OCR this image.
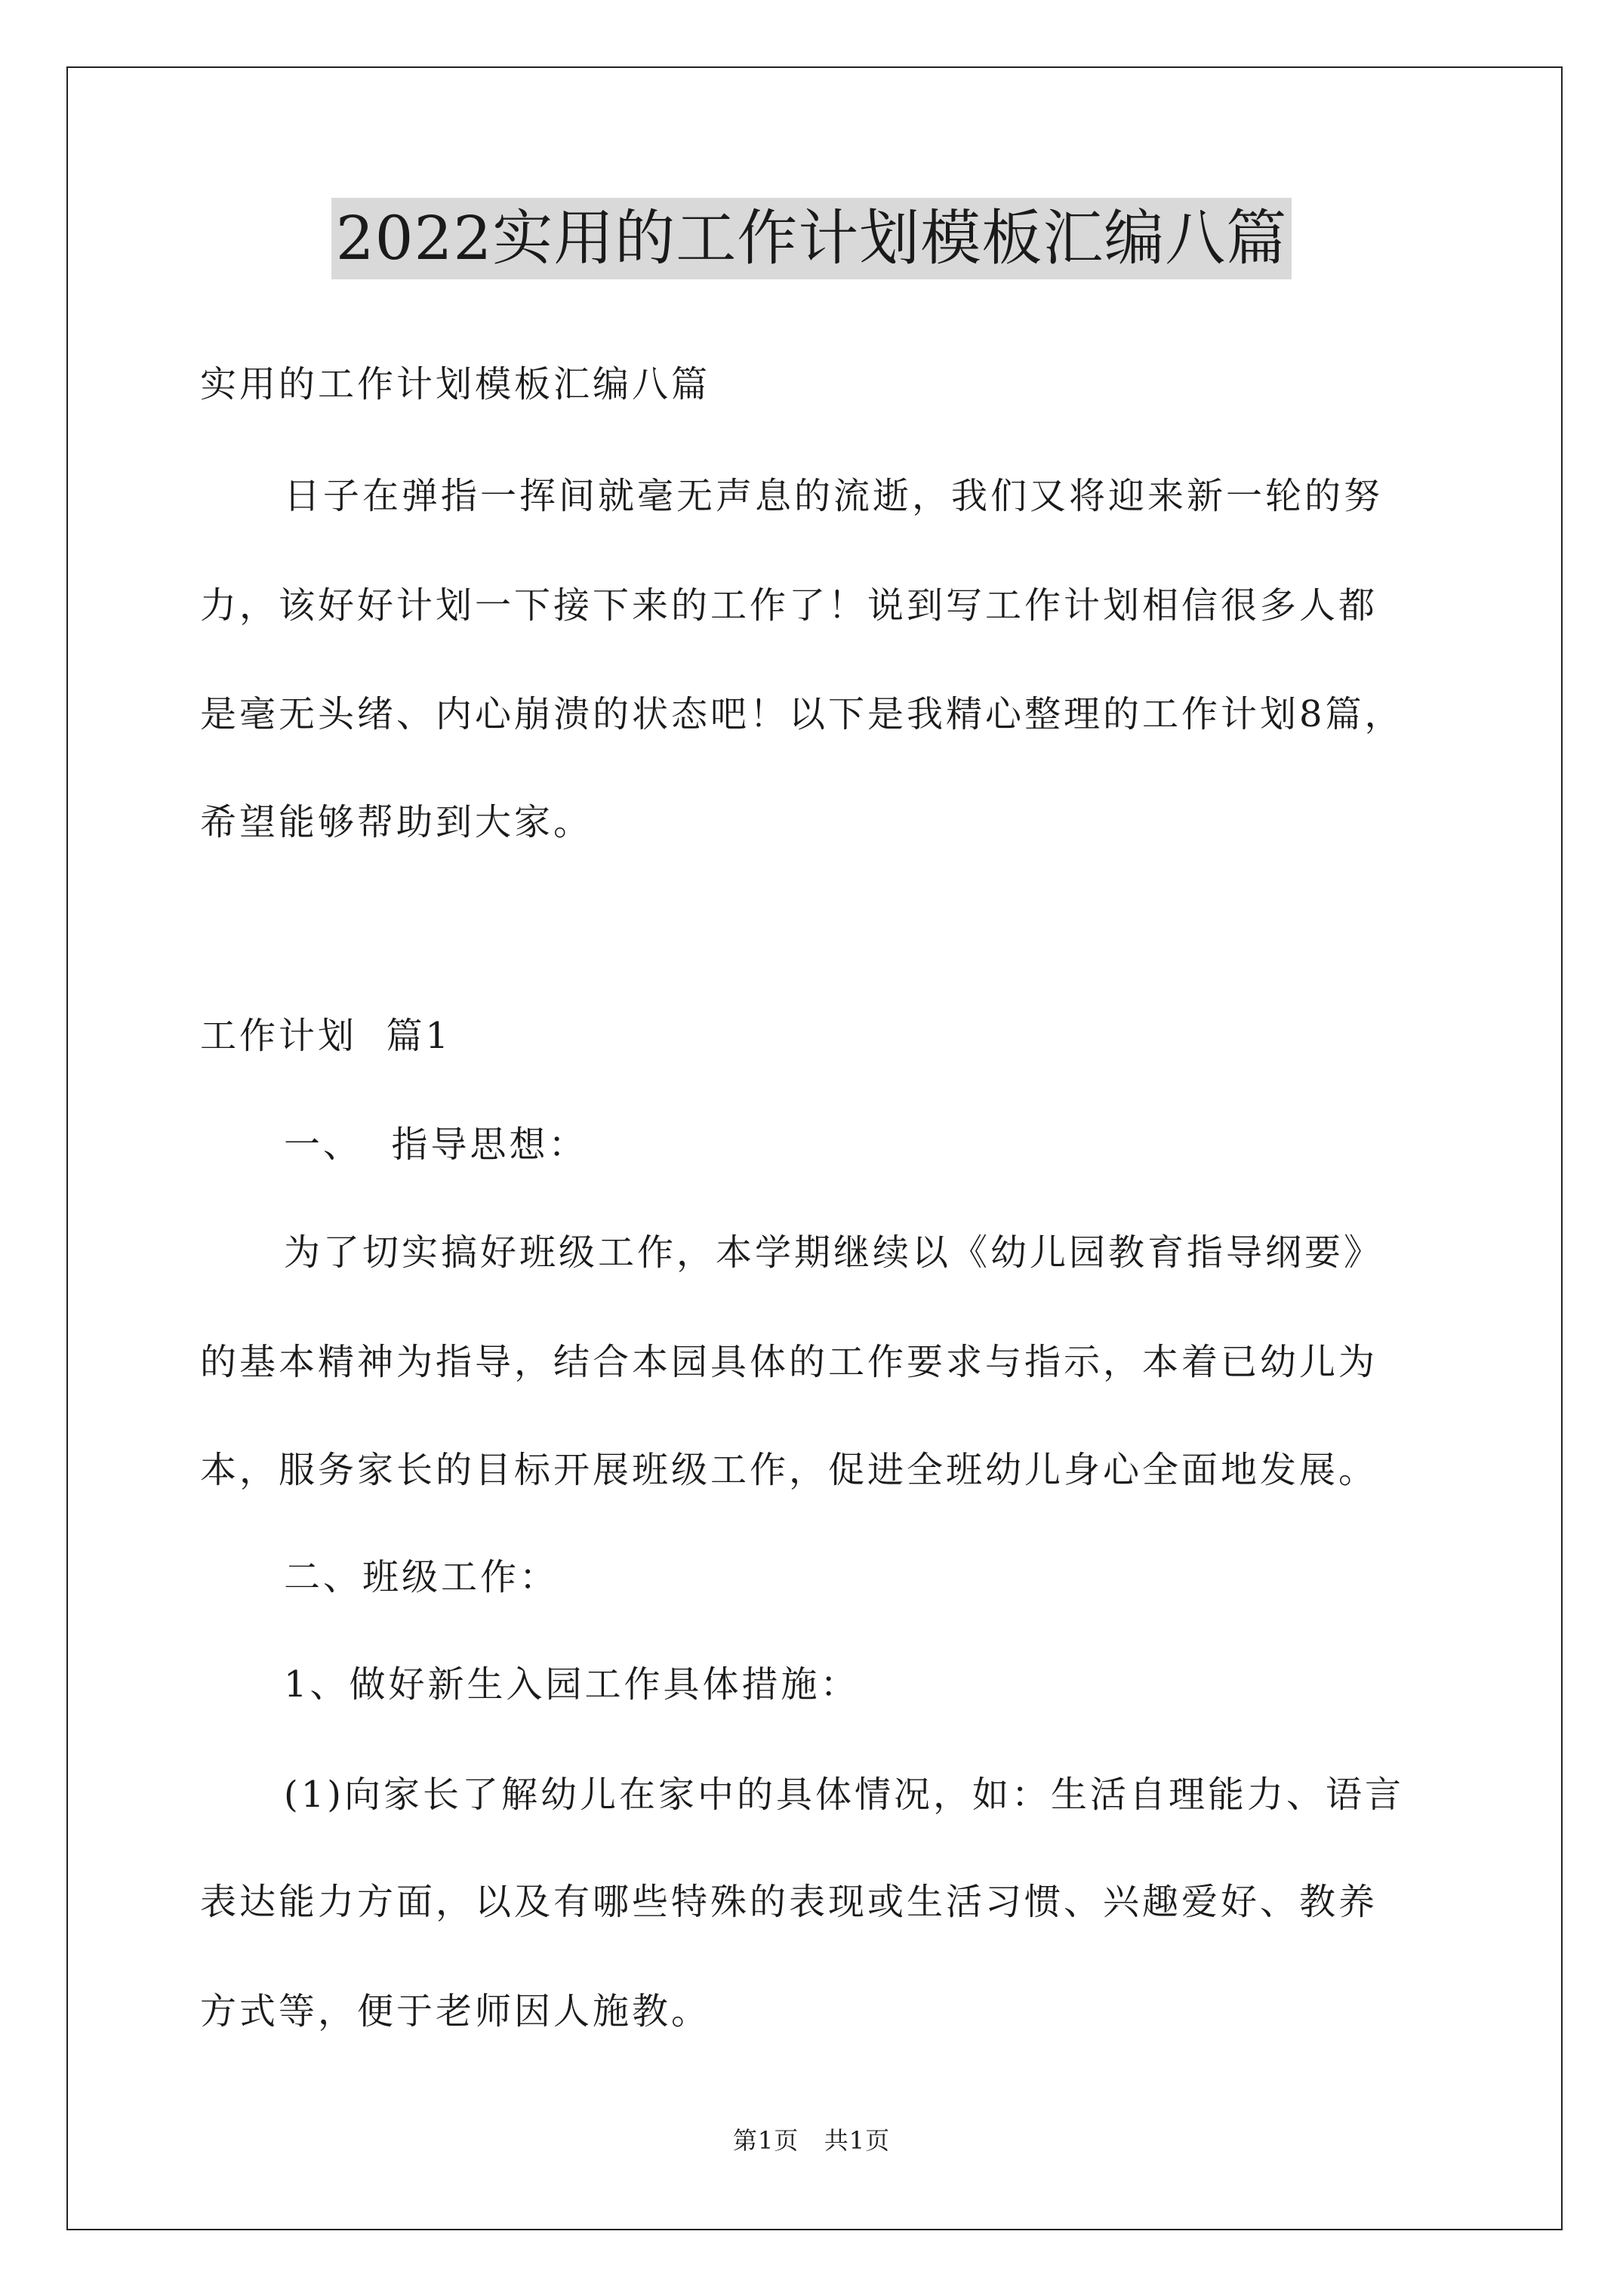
2022实用的工作计划模板汇编八篇
实用的工作计划模板汇编八篇
日子在弹指一挥间就毫无声息的流逝，我们又将迎来新一轮的努
力，该好好计划一下接下来的工作了！说到写工作计划相信很多人都
是毫无头绪、内心崩溃的状态吧！以下是我精心整理的工作计划8篇，
希望能够帮助到大家。
工作计划  篇1
一、  指导思想：
为了切实搞好班级工作，本学期继续以《幼儿园教育指导纲要》
的基本精神为指导，结合本园具体的工作要求与指示，本着已幼儿为
本，服务家长的目标开展班级工作，促进全班幼儿身心全面地发展。
二、班级工作：
1、做好新生入园工作具体措施：
(1)向家长了解幼儿在家中的具体情况，如：生活自理能力、语言
表达能力方面，以及有哪些特殊的表现或生活习惯、兴趣爱好、教养
方式等，便于老师因人施教。
第1页   共1页
